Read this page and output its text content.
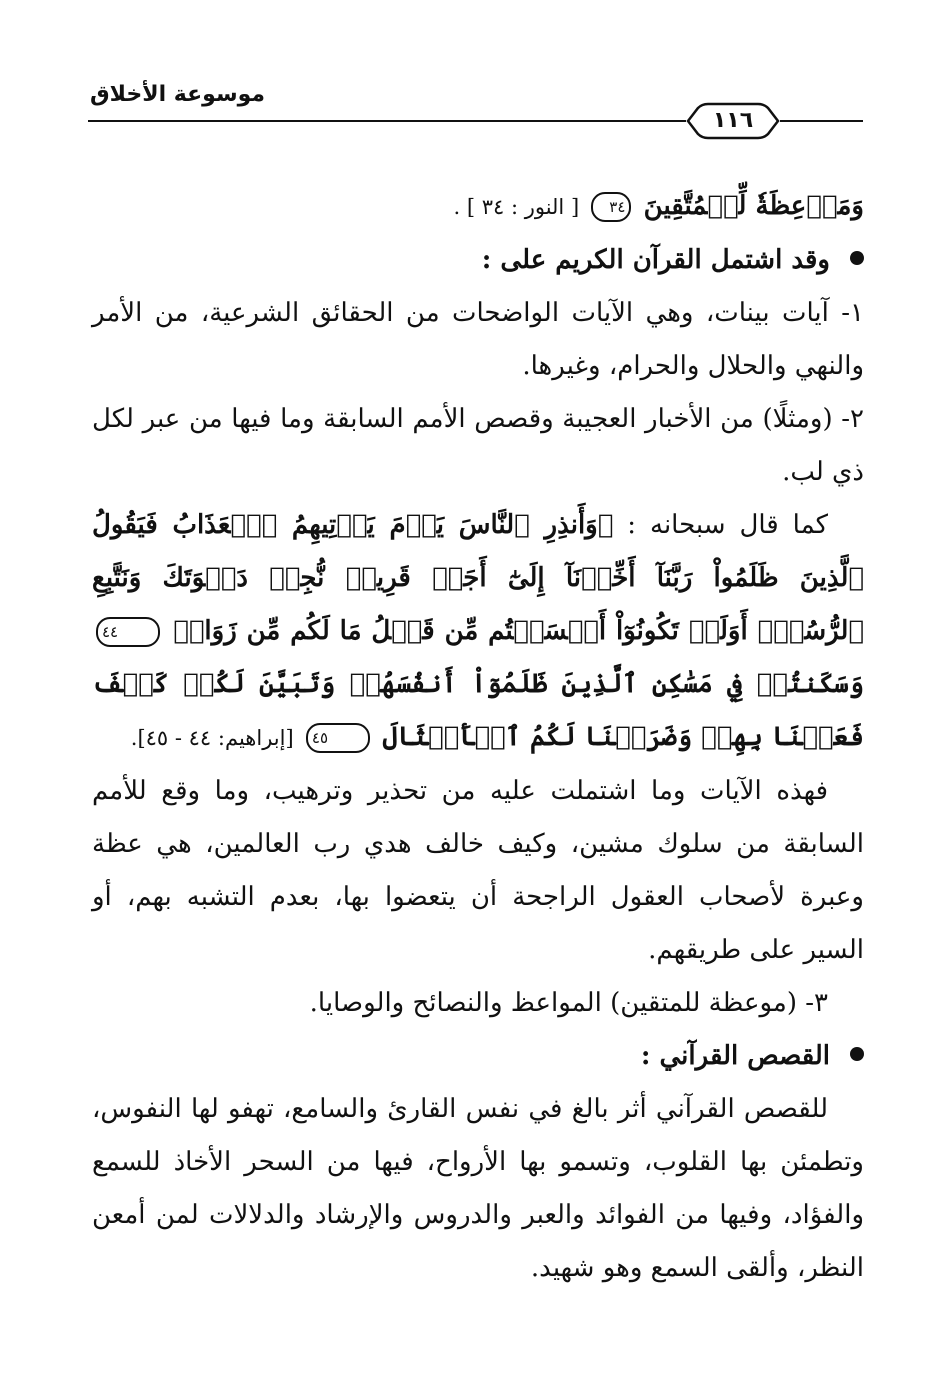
موسوعة الأخلاق
١١٦

وَمَوۡعِظَةٗ لِّلۡمُتَّقِينَ ٣٤ [ النور : ٣٤ ] .

وقد اشتمل القرآن الكريم على :

١- آيات بينات، وهي الآيات الواضحات من الحقائق الشرعية، من الأمر والنهي والحلال والحرام، وغيرها.

٢- (ومثلًا) من الأخبار العجيبة وقصص الأمم السابقة وما فيها من عبر لكل ذي لب.

كما قال سبحانه : ﴿وَأَنذِرِ ٱلنَّاسَ يَوۡمَ يَأۡتِيهِمُ ٱلۡعَذَابُ فَيَقُولُ ٱلَّذِينَ ظَلَمُواْ رَبَّنَآ أَخِّرۡنَآ إِلَىٰٓ أَجَلٖ قَرِيبٖ نُّجِبۡ دَعۡوَتَكَ وَنَتَّبِعِ ٱلرُّسُلَۗ أَوَلَمۡ تَكُونُوٓاْ أَقۡسَمۡتُم مِّن قَبۡلُ مَا لَكُم مِّن زَوَالٖ ٤٤ وَسَكَنتُمۡ فِي مَسَٰكِنِ ٱلَّذِينَ ظَلَمُوٓاْ أَنفُسَهُمۡ وَتَبَيَّنَ لَكُمۡ كَيۡفَ فَعَلۡنَا بِهِمۡ وَضَرَبۡنَا لَكُمُ ٱلۡأَمۡثَالَ ٤٥ [إبراهيم: ٤٤ - ٤٥].

فهذه الآيات وما اشتملت عليه من تحذير وترهيب، وما وقع للأمم السابقة من سلوك مشين، وكيف خالف هدي رب العالمين، هي عظة وعبرة لأصحاب العقول الراجحة أن يتعضوا بها، بعدم التشبه بهم، أو السير على طريقهم.

٣- (موعظة للمتقين) المواعظ والنصائح والوصايا.

القصص القرآني :

للقصص القرآني أثر بالغ في نفس القارئ والسامع، تهفو لها النفوس، وتطمئن بها القلوب، وتسمو بها الأرواح، فيها من السحر الأخاذ للسمع والفؤاد، وفيها من الفوائد والعبر والدروس والإرشاد والدلالات لمن أمعن النظر، وألقى السمع وهو شهيد.
